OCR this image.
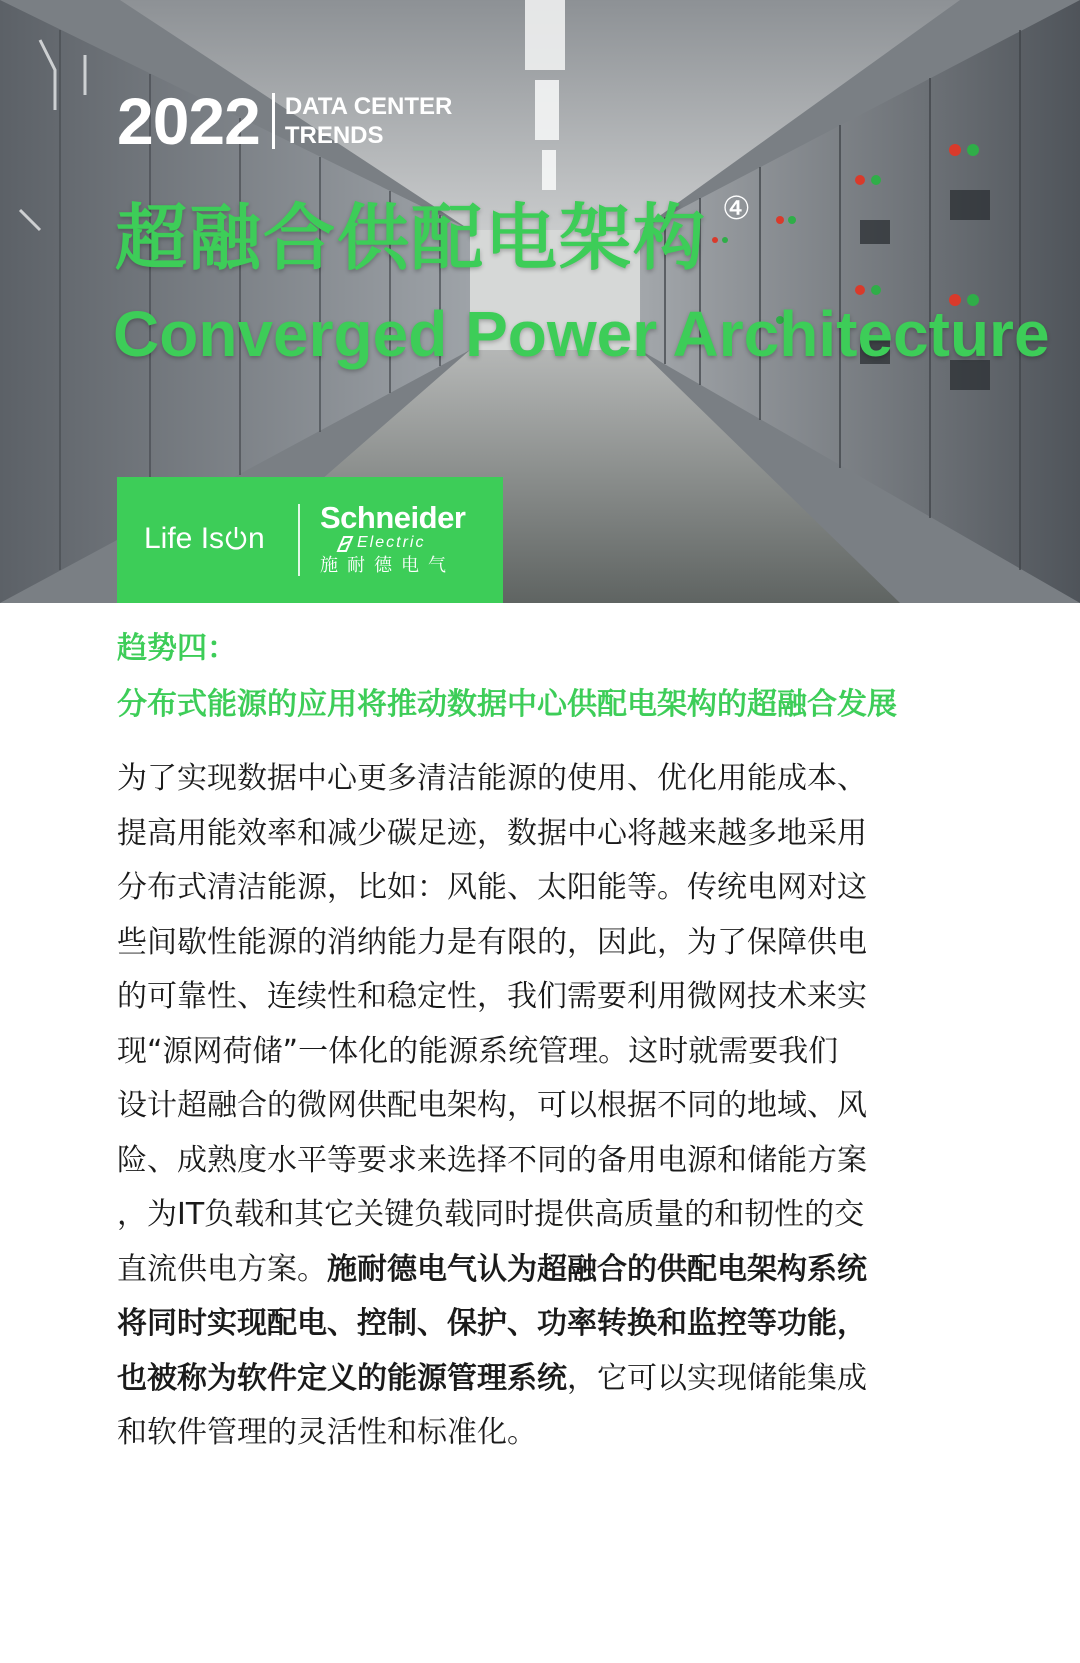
2022 DATA CENTER
TRENDS
超融合供配电架构 ④
Converged Power Architecture
Life Is n
Schneider
Electric
施耐德电气
趋势四：
分布式能源的应用将推动数据中心供配电架构的超融合发展
为了实现数据中心更多清洁能源的使用、优化用能成本、
提高用能效率和减少碳足迹，数据中心将越来越多地采用
分布式清洁能源，比如：风能、太阳能等。传统电网对这
些间歇性能源的消纳能力是有限的，因此，为了保障供电
的可靠性、连续性和稳定性，我们需要利用微网技术来实
现“源网荷储”一体化的能源系统管理。这时就需要我们
设计超融合的微网供配电架构，可以根据不同的地域、风
险、成熟度水平等要求来选择不同的备用电源和储能方案
，为IT负载和其它关键负载同时提供高质量的和韧性的交
直流供电方案。施耐德电气认为超融合的供配电架构系统
将同时实现配电、控制、保护、功率转换和监控等功能，
也被称为软件定义的能源管理系统，它可以实现储能集成
和软件管理的灵活性和标准化。
